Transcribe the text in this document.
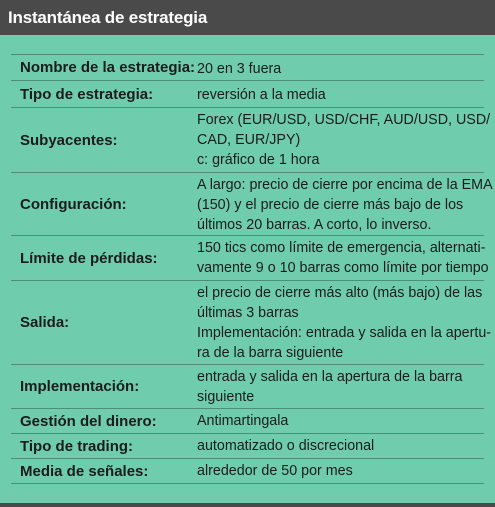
Instantánea de estrategia
Nombre de la estrategia: 20 en 3 fuera
Tipo de estrategia:	reversión a la media
Subyacentes:
Forex (EUR/USD, USD/CHF, AUD/USD, USD/
CAD, EUR/JPY)
c: gráfico de 1 hora
Configuración:
A largo: precio de cierre por encima de la EMA
(150) y el precio de cierre más bajo de los
últimos 20 barras. A corto, lo inverso.
Límite de pérdidas:
150 tics como límite de emergencia, alternati-
vamente 9 o 10 barras como límite por tiempo
Salida:
el precio de cierre más alto (más bajo) de las
últimas 3 barras
Implementación: entrada y salida en la apertu-
ra de la barra siguiente
Implementación:
entrada y salida en la apertura de la barra
siguiente
Gestión del dinero:	Antimartingala
Tipo de trading:	automatizado o discrecional
Media de señales:	alrededor de 50 por mes
